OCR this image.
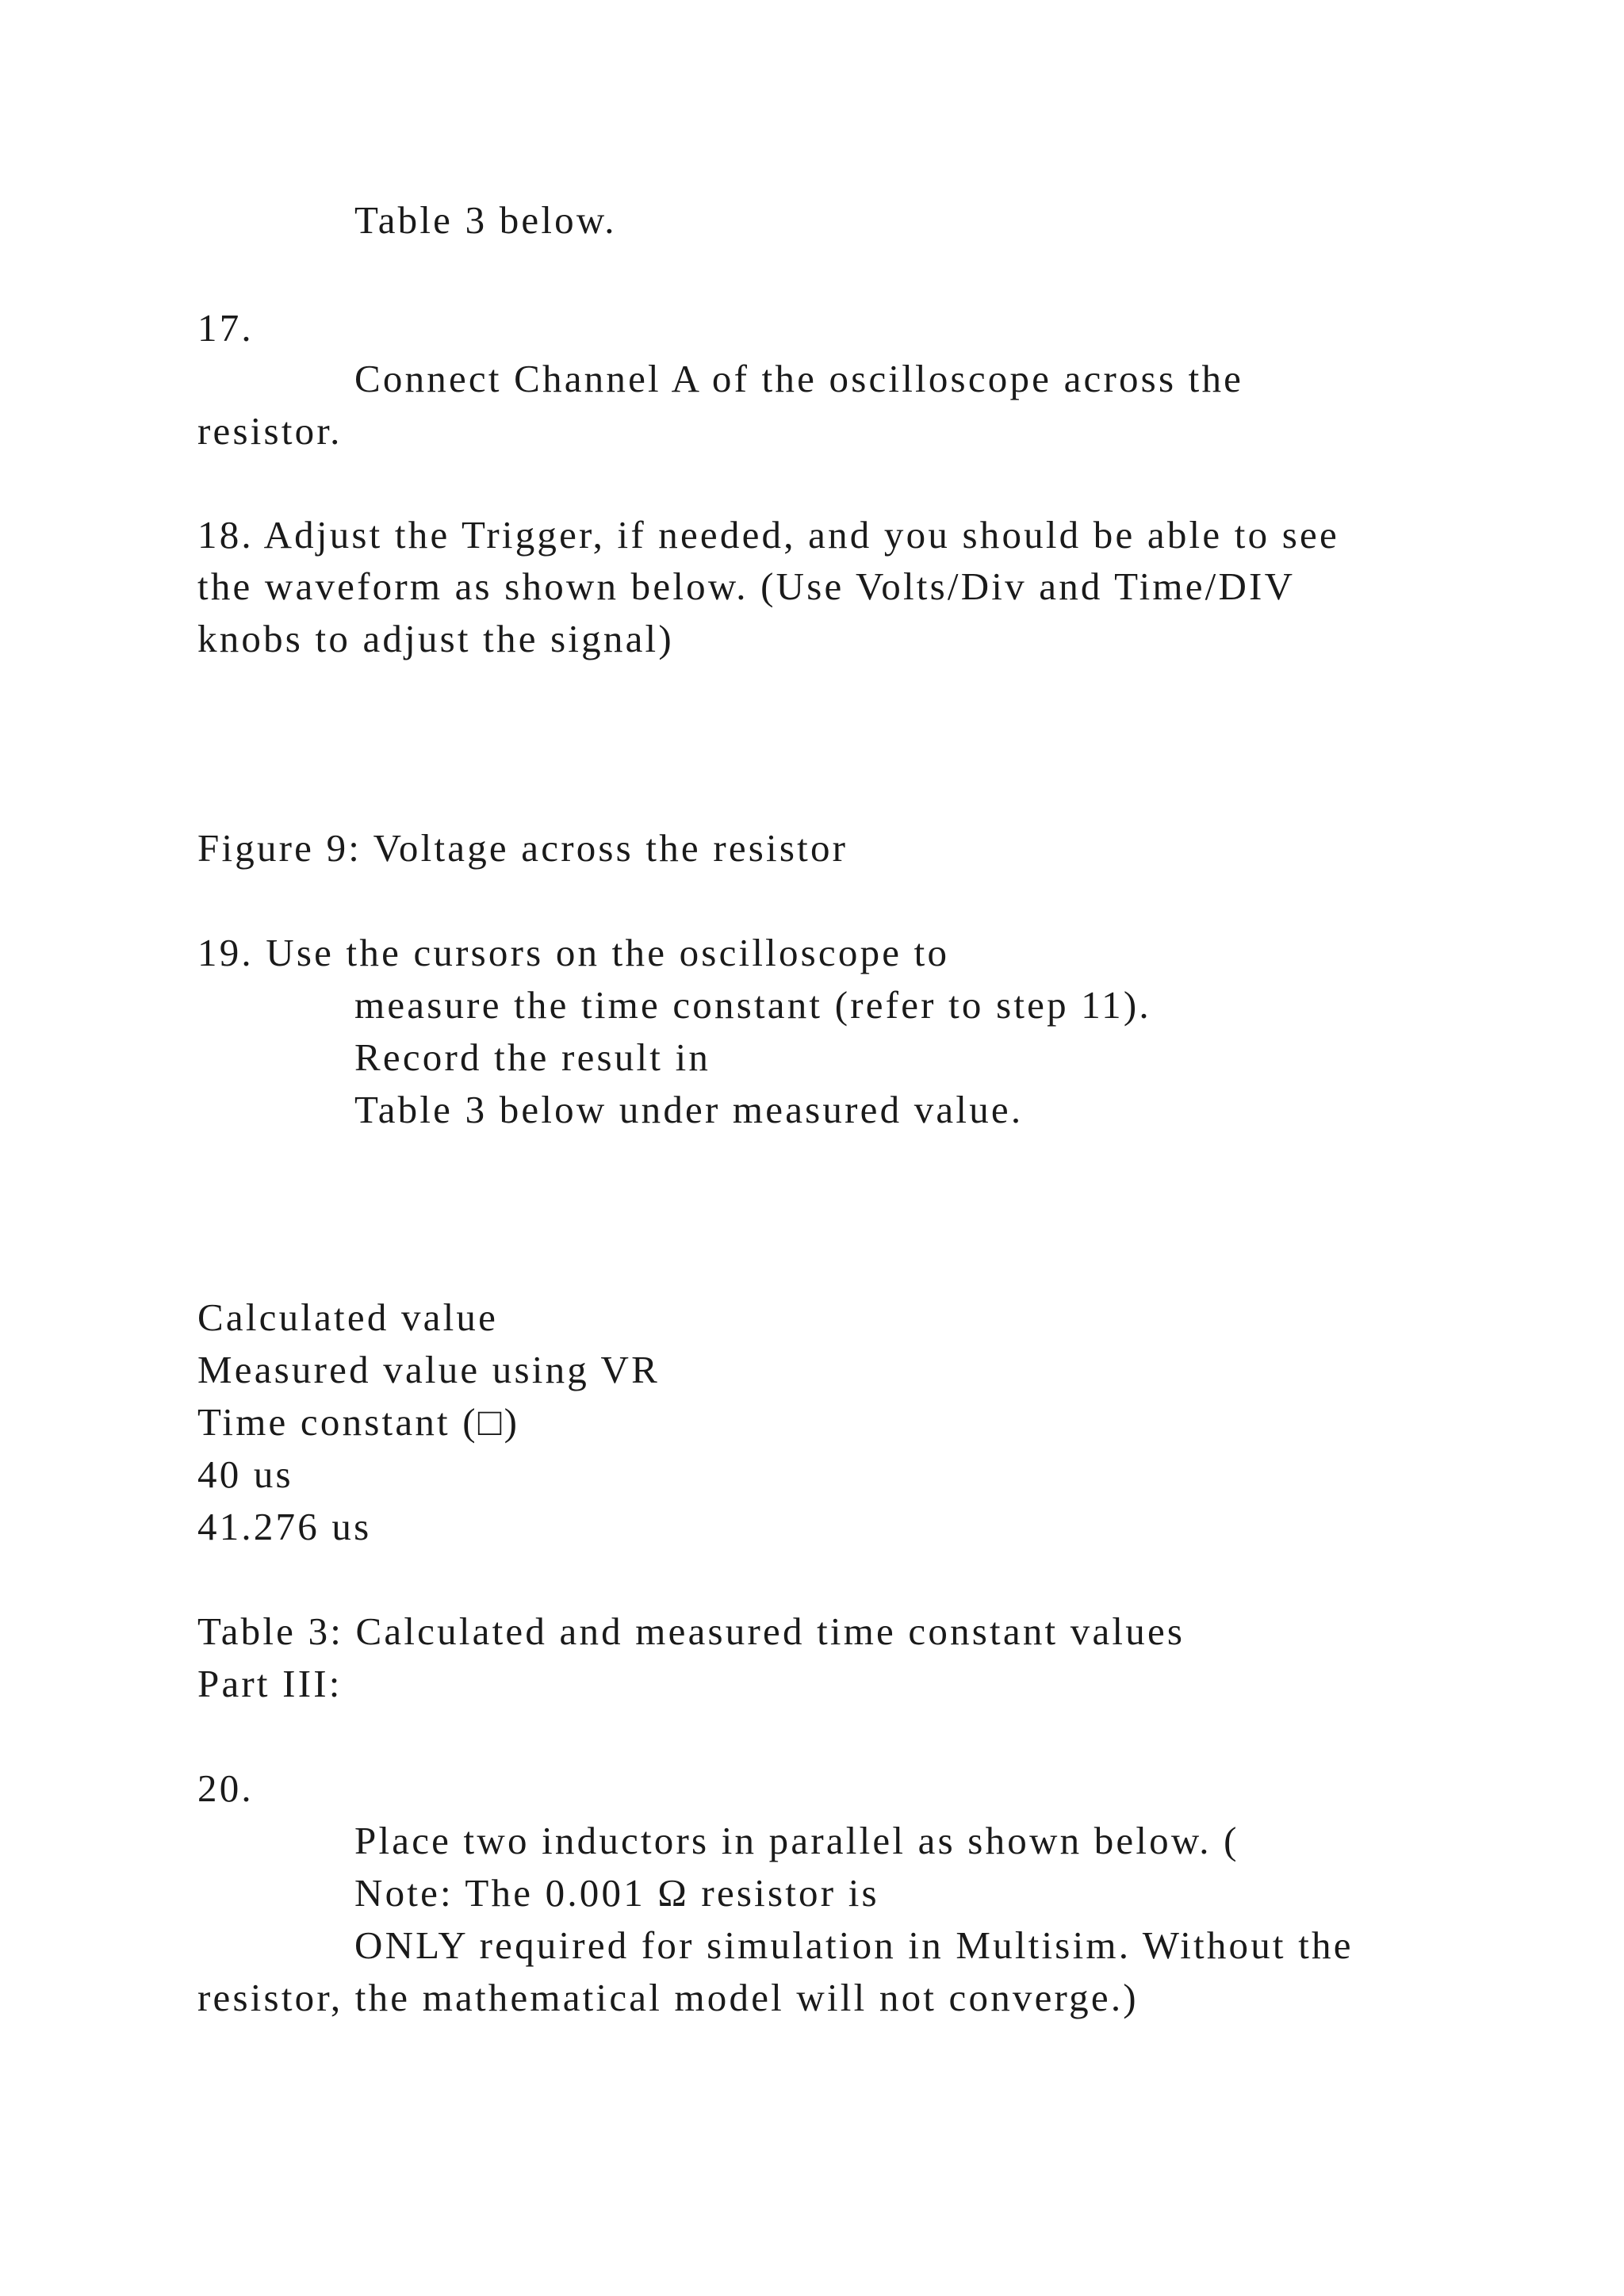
Table 3 below.
17.
Connect Channel A of the oscilloscope across the
resistor.
18. Adjust the Trigger, if needed, and you should be able to see
the waveform as shown below. (Use Volts/Div and Time/DIV
knobs to adjust the signal)
Figure 9: Voltage across the resistor
19. Use the cursors on the oscilloscope to
measure the time constant (refer to step 11).
Record the result in
Table 3 below under measured value.
Calculated value
Measured value using VR
Time constant (□)
40 us
41.276 us
Table 3: Calculated and measured time constant values
Part III:
20.
Place two inductors in parallel as shown below. (
Note: The 0.001 Ω resistor is
ONLY required for simulation in Multisim. Without the
resistor, the mathematical model will not converge.)
